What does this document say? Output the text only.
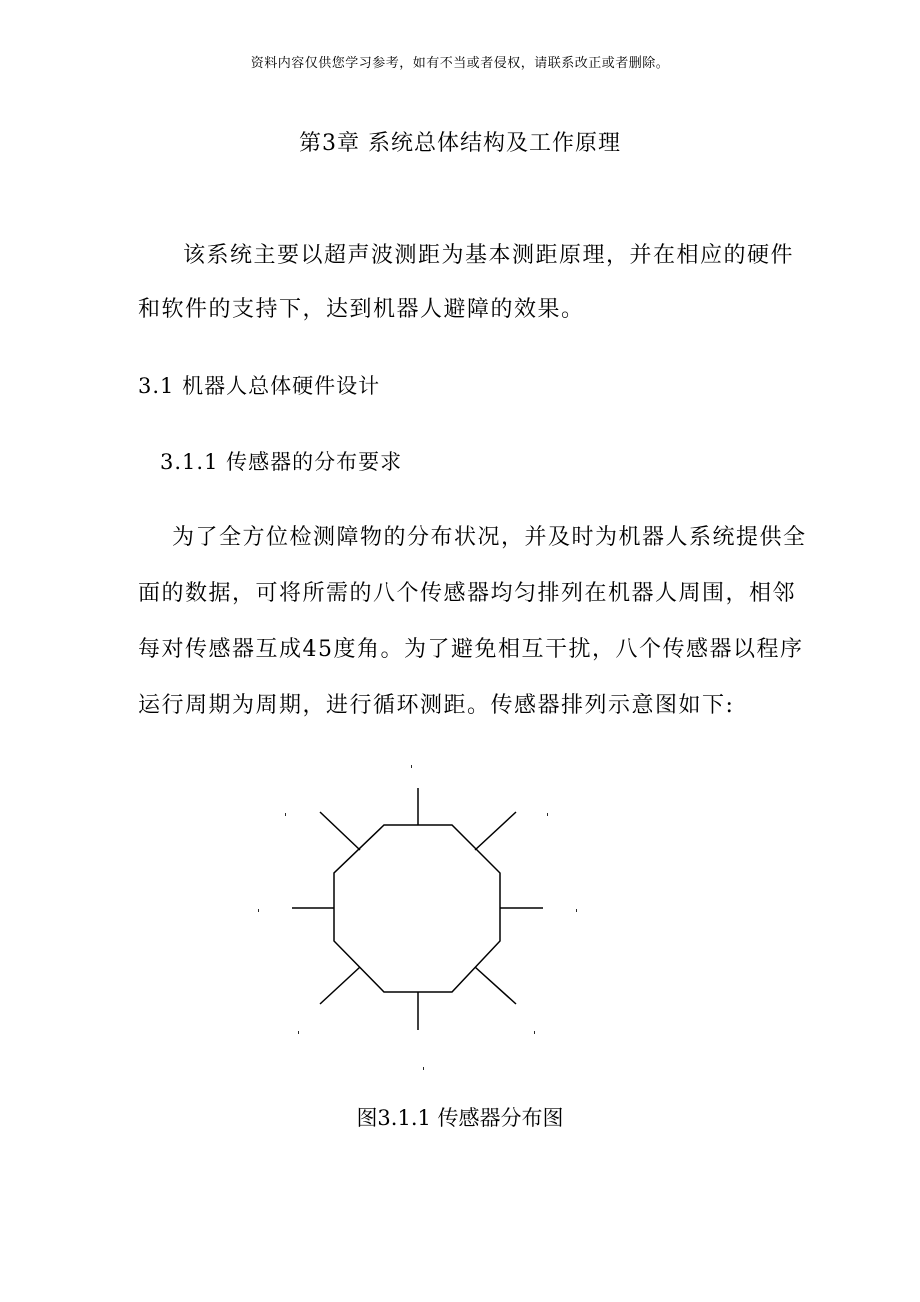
资料内容仅供您学习参考，如有不当或者侵权，请联系改正或者删除。
第3章 系统总体结构及工作原理
该系统主要以超声波测距为基本测距原理，并在相应的硬件
和软件的支持下，达到机器人避障的效果。
3.1 机器人总体硬件设计
3.1.1 传感器的分布要求
为了全方位检测障物的分布状况，并及时为机器人系统提供全
面的数据，可将所需的八个传感器均匀排列在机器人周围，相邻
每对传感器互成45度角。为了避免相互干扰，八个传感器以程序
运行周期为周期，进行循环测距。传感器排列示意图如下:
'
'	'
'	'
'	'
'
图3.1.1 传感器分布图
